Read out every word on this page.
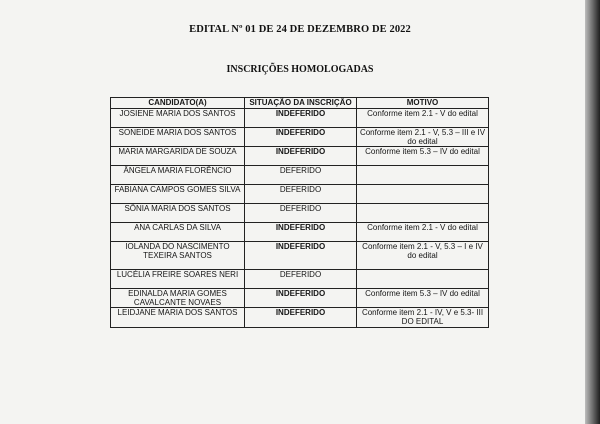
EDITAL Nº 01 DE 24 DE DEZEMBRO DE 2022
INSCRIÇÕES HOMOLOGADAS
CANDIDATO(A)	SITUAÇÃO DA INSCRIÇÃO	MOTIVO
JOSIENE MARIA DOS SANTOS	INDEFERIDO	Conforme item 2.1 - V do edital
SONEIDE MARIA DOS SANTOS	INDEFERIDO	Conforme item 2.1 - V, 5.3 – III e IV do edital
MARIA MARGARIDA DE SOUZA	INDEFERIDO	Conforme item 5.3 – IV do edital
ÂNGELA MARIA FLORÊNCIO	DEFERIDO	
FABIANA CAMPOS GOMES SILVA	DEFERIDO	
SÔNIA MARIA DOS SANTOS	DEFERIDO	
ANA CARLAS DA SILVA	INDEFERIDO	Conforme item 2.1 - V do edital
IOLANDA DO NASCIMENTO TEXEIRA SANTOS	INDEFERIDO	Conforme item 2.1 - V, 5.3 – I e IV do edital
LUCÉLIA FREIRE SOARES NERI	DEFERIDO	
EDINALDA MARIA GOMES CAVALCANTE NOVAES	INDEFERIDO	Conforme item 5.3 – IV do edital
LEIDJANE MARIA DOS SANTOS	INDEFERIDO	Conforme item 2.1 - IV, V e 5.3- III DO EDITAL
